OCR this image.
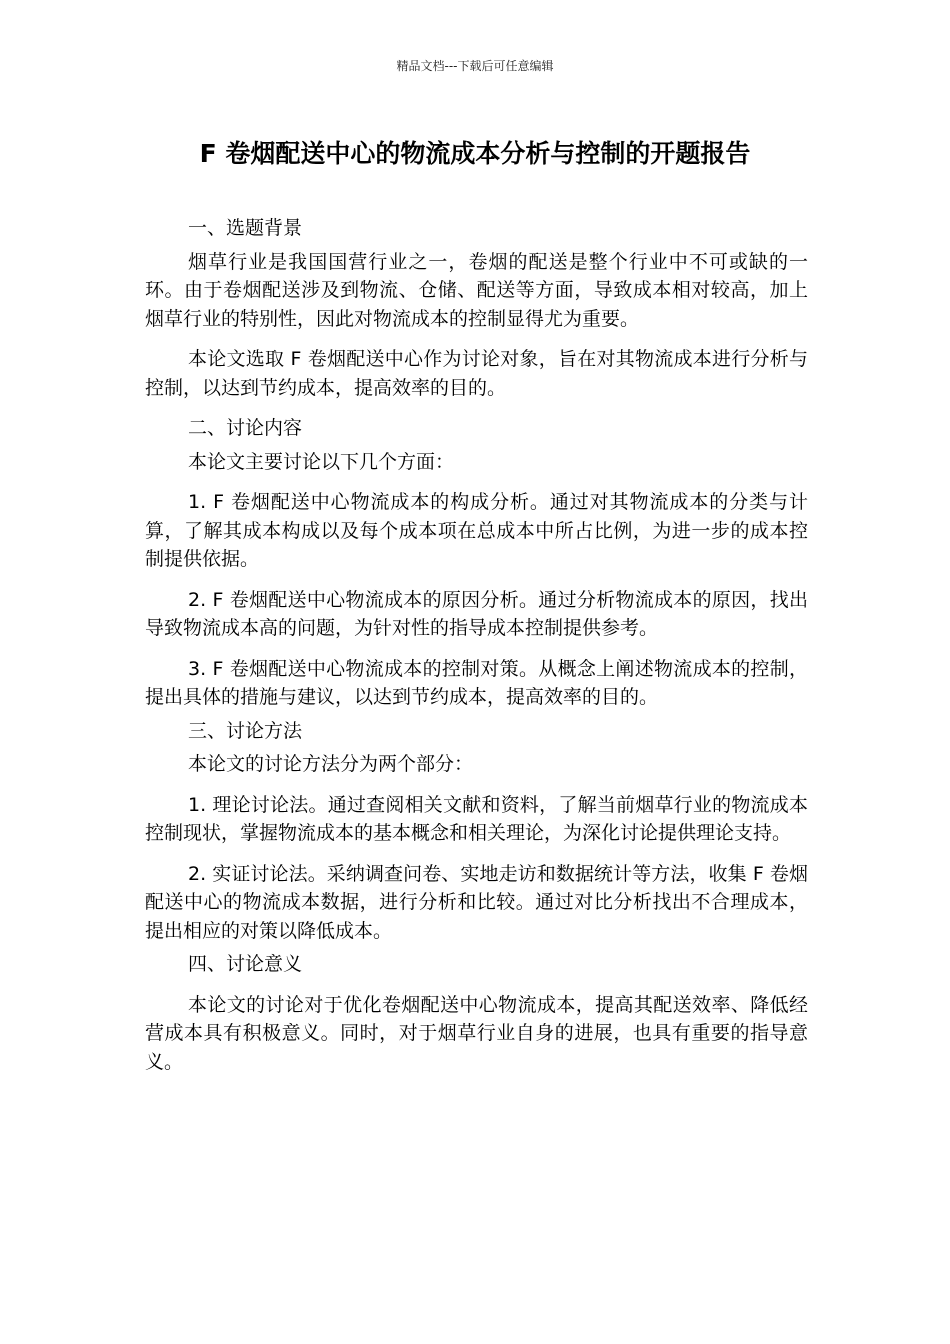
精品文档---下载后可任意编辑
F 卷烟配送中心的物流成本分析与控制的开题报告

一、选题背景

烟草行业是我国国营行业之一，卷烟的配送是整个行业中不可或缺的一环。由于卷烟配送涉及到物流、仓储、配送等方面，导致成本相对较高，加上烟草行业的特别性，因此对物流成本的控制显得尤为重要。

本论文选取 F 卷烟配送中心作为讨论对象，旨在对其物流成本进行分析与控制，以达到节约成本，提高效率的目的。

二、讨论内容

本论文主要讨论以下几个方面：

1. F 卷烟配送中心物流成本的构成分析。通过对其物流成本的分类与计算，了解其成本构成以及每个成本项在总成本中所占比例，为进一步的成本控制提供依据。

2. F 卷烟配送中心物流成本的原因分析。通过分析物流成本的原因，找出导致物流成本高的问题，为针对性的指导成本控制提供参考。

3. F 卷烟配送中心物流成本的控制对策。从概念上阐述物流成本的控制，提出具体的措施与建议，以达到节约成本，提高效率的目的。

三、讨论方法

本论文的讨论方法分为两个部分：

1. 理论讨论法。通过查阅相关文献和资料，了解当前烟草行业的物流成本控制现状，掌握物流成本的基本概念和相关理论，为深化讨论提供理论支持。

2. 实证讨论法。采纳调查问卷、实地走访和数据统计等方法，收集 F 卷烟配送中心的物流成本数据，进行分析和比较。通过对比分析找出不合理成本，提出相应的对策以降低成本。

四、讨论意义

本论文的讨论对于优化卷烟配送中心物流成本，提高其配送效率、降低经营成本具有积极意义。同时，对于烟草行业自身的进展，也具有重要的指导意义。
